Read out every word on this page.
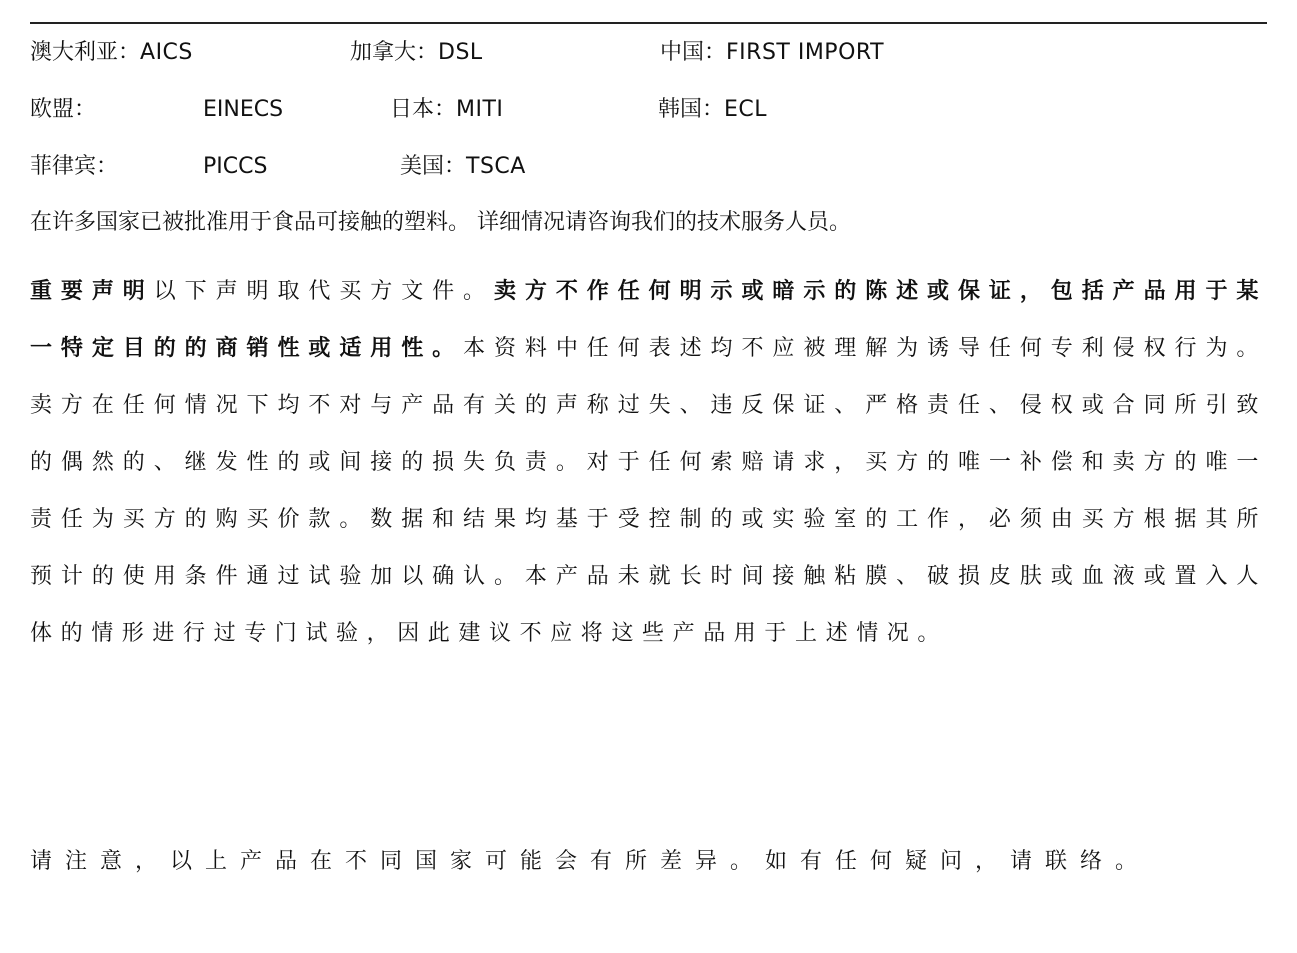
澳大利亚：AICS	加拿大：DSL	中国：FIRST IMPORT
欧盟：	EINECS	日本：MITI	韩国：ECL
菲律宾：	PICCS	美国：TSCA
在许多国家已被批准用于食品可接触的塑料。 详细情况请咨询我们的技术服务人员。
重要声明以下声明取代买方文件。卖方不作任何明示或暗示的陈述或保证，包括产品用于某一特定目的的商销性或适用性。本资料中任何表述均不应被理解为诱导任何专利侵权行为。卖方在任何情况下均不对与产品有关的声称过失、违反保证、严格责任、侵权或合同所引致的偶然的、继发性的或间接的损失负责。对于任何索赔请求，买方的唯一补偿和卖方的唯一责任为买方的购买价款。数据和结果均基于受控制的或实验室的工作，必须由买方根据其所预计的使用条件通过试验加以确认。本产品未就长时间接触粘膜、破损皮肤或血液或置入人体的情形进行过专门试验，因此建议不应将这些产品用于上述情况。
请注意，以上产品在不同国家可能会有所差异。如有任何疑问，请联络。
